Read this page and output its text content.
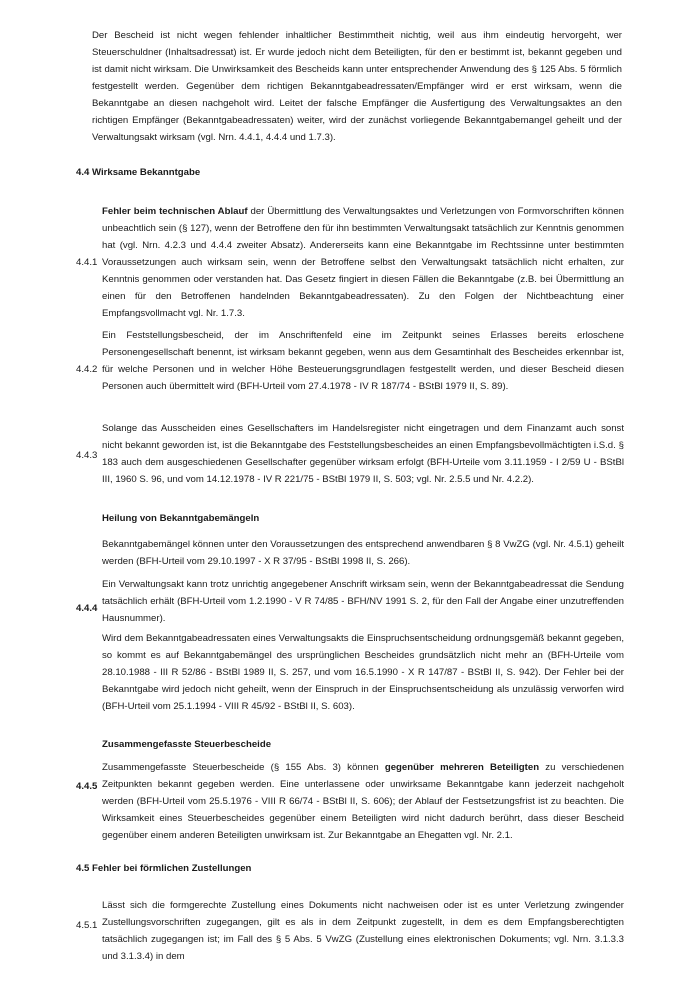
Der Bescheid ist nicht wegen fehlender inhaltlicher Bestimmtheit nichtig, weil aus ihm eindeutig hervorgeht, wer Steuerschuldner (Inhaltsadressat) ist. Er wurde jedoch nicht dem Beteiligten, für den er bestimmt ist, bekannt gegeben und ist damit nicht wirksam. Die Unwirksamkeit des Bescheids kann unter entsprechender Anwendung des § 125 Abs. 5 förmlich festgestellt werden. Gegenüber dem richtigen Bekanntgabeadressaten/Empfänger wird er erst wirksam, wenn die Bekanntgabe an diesen nachgeholt wird. Leitet der falsche Empfänger die Ausfertigung des Verwaltungsaktes an den richtigen Empfänger (Bekanntgabeadressaten) weiter, wird der zunächst vorliegende Bekanntgabemangel geheilt und der Verwaltungsakt wirksam (vgl. Nrn. 4.4.1, 4.4.4 und 1.7.3).

4.4 Wirksame Bekanntgabe

4.4.1

Fehler beim technischen Ablauf der Übermittlung des Verwaltungsaktes und Verletzungen von Formvorschriften können unbeachtlich sein (§ 127), wenn der Betroffene den für ihn bestimmten Verwaltungsakt tatsächlich zur Kenntnis genommen hat (vgl. Nrn. 4.2.3 und 4.4.4 zweiter Absatz). Andererseits kann eine Bekanntgabe im Rechtssinne unter bestimmten Voraussetzungen auch wirksam sein, wenn der Betroffene selbst den Verwaltungsakt tatsächlich nicht erhalten, zur Kenntnis genommen oder verstanden hat. Das Gesetz fingiert in diesen Fällen die Bekanntgabe (z.B. bei Übermittlung an einen für den Betroffenen handelnden Bekanntgabeadressaten). Zu den Folgen der Nichtbeachtung einer Empfangsvollmacht vgl. Nr. 1.7.3.

4.4.2

Ein Feststellungsbescheid, der im Anschriftenfeld eine im Zeitpunkt seines Erlasses bereits erloschene Personengesellschaft benennt, ist wirksam bekannt gegeben, wenn aus dem Gesamtinhalt des Bescheides erkennbar ist, für welche Personen und in welcher Höhe Besteuerungsgrundlagen festgestellt werden, und dieser Bescheid diesen Personen auch übermittelt wird (BFH-Urteil vom 27.4.1978 - IV R 187/74 - BStBl 1979 II, S. 89).

4.4.3

Solange das Ausscheiden eines Gesellschafters im Handelsregister nicht eingetragen und dem Finanzamt auch sonst nicht bekannt geworden ist, ist die Bekanntgabe des Feststellungsbescheides an einen Empfangsbevollmächtigten i.S.d. § 183 auch dem ausgeschiedenen Gesellschafter gegenüber wirksam erfolgt (BFH-Urteile vom 3.11.1959 - I 2/59 U - BStBl III, 1960 S. 96, und vom 14.12.1978 - IV R 221/75 - BStBl 1979 II, S. 503; vgl. Nr. 2.5.5 und Nr. 4.2.2).

Heilung von Bekanntgabemängeln

Bekanntgabemängel können unter den Voraussetzungen des entsprechend anwendbaren § 8 VwZG (vgl. Nr. 4.5.1) geheilt werden (BFH-Urteil vom 29.10.1997 - X R 37/95 - BStBl 1998 II, S. 266).

4.4.4

Ein Verwaltungsakt kann trotz unrichtig angegebener Anschrift wirksam sein, wenn der Bekanntgabeadressat die Sendung tatsächlich erhält (BFH-Urteil vom 1.2.1990 - V R 74/85 - BFH/NV 1991 S. 2, für den Fall der Angabe einer unzutreffenden Hausnummer).

Wird dem Bekanntgabeadressaten eines Verwaltungsakts die Einspruchsentscheidung ordnungsgemäß bekannt gegeben, so kommt es auf Bekanntgabemängel des ursprünglichen Bescheides grundsätzlich nicht mehr an (BFH-Urteile vom 28.10.1988 - III R 52/86 - BStBl 1989 II, S. 257, und vom 16.5.1990 - X R 147/87 - BStBl II, S. 942). Der Fehler bei der Bekanntgabe wird jedoch nicht geheilt, wenn der Einspruch in der Einspruchsentscheidung als unzulässig verworfen wird (BFH-Urteil vom 25.1.1994 - VIII R 45/92 - BStBl II, S. 603).

Zusammengefasste Steuerbescheide

4.4.5

Zusammengefasste Steuerbescheide (§ 155 Abs. 3) können gegenüber mehreren Beteiligten zu verschiedenen Zeitpunkten bekannt gegeben werden. Eine unterlassene oder unwirksame Bekanntgabe kann jederzeit nachgeholt werden (BFH-Urteil vom 25.5.1976 - VIII R 66/74 - BStBl II, S. 606); der Ablauf der Festsetzungsfrist ist zu beachten. Die Wirksamkeit eines Steuerbescheides gegenüber einem Beteiligten wird nicht dadurch berührt, dass dieser Bescheid gegenüber einem anderen Beteiligten unwirksam ist. Zur Bekanntgabe an Ehegatten vgl. Nr. 2.1.

4.5 Fehler bei förmlichen Zustellungen

4.5.1

Lässt sich die formgerechte Zustellung eines Dokuments nicht nachweisen oder ist es unter Verletzung zwingender Zustellungsvorschriften zugegangen, gilt es als in dem Zeitpunkt zugestellt, in dem es dem Empfangsberechtigten tatsächlich zugegangen ist; im Fall des § 5 Abs. 5 VwZG (Zustellung eines elektronischen Dokuments; vgl. Nrn. 3.1.3.3 und 3.1.3.4) in dem
